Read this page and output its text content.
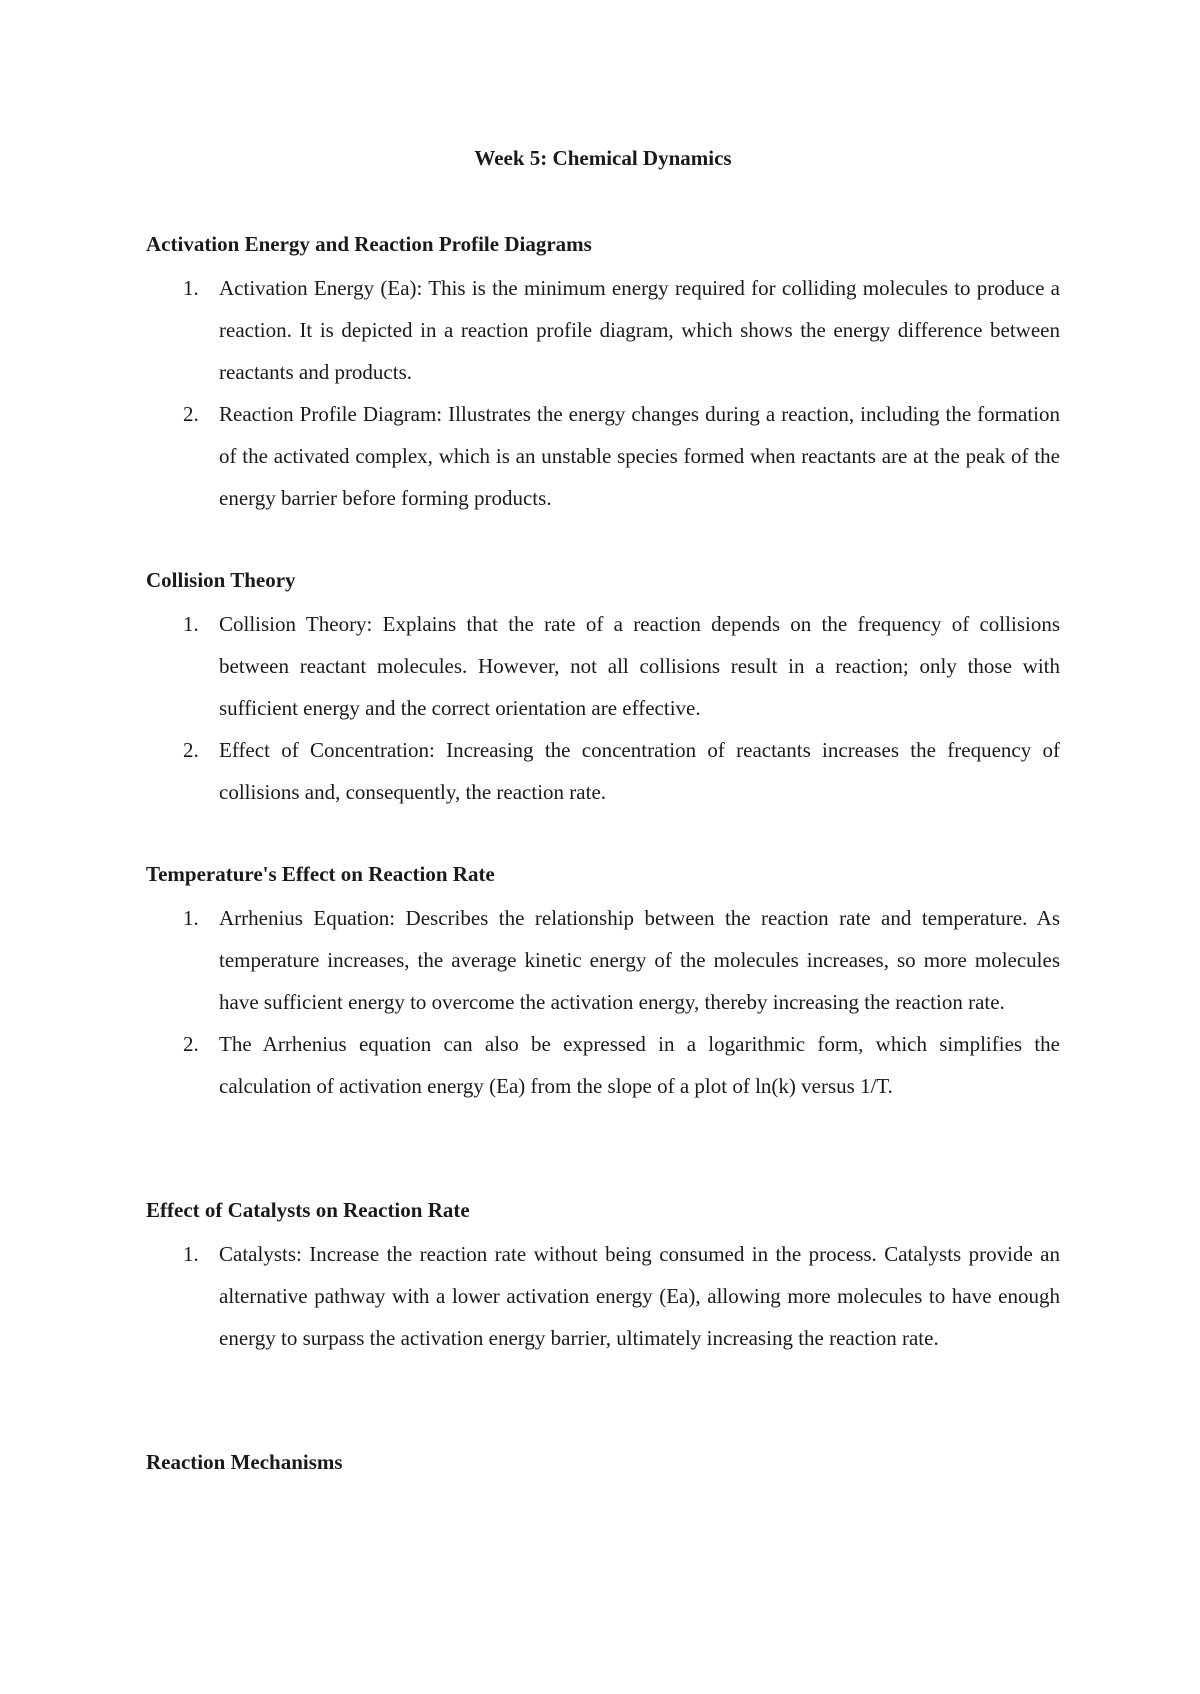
Week 5: Chemical Dynamics
Activation Energy and Reaction Profile Diagrams
1. Activation Energy (Ea): This is the minimum energy required for colliding molecules to produce a reaction. It is depicted in a reaction profile diagram, which shows the energy difference between reactants and products.
2. Reaction Profile Diagram: Illustrates the energy changes during a reaction, including the formation of the activated complex, which is an unstable species formed when reactants are at the peak of the energy barrier before forming products.
Collision Theory
1. Collision Theory: Explains that the rate of a reaction depends on the frequency of collisions between reactant molecules. However, not all collisions result in a reaction; only those with sufficient energy and the correct orientation are effective.
2. Effect of Concentration: Increasing the concentration of reactants increases the frequency of collisions and, consequently, the reaction rate.
Temperature's Effect on Reaction Rate
1. Arrhenius Equation: Describes the relationship between the reaction rate and temperature. As temperature increases, the average kinetic energy of the molecules increases, so more molecules have sufficient energy to overcome the activation energy, thereby increasing the reaction rate.
2. The Arrhenius equation can also be expressed in a logarithmic form, which simplifies the calculation of activation energy (Ea) from the slope of a plot of ln(k) versus 1/T.
Effect of Catalysts on Reaction Rate
1. Catalysts: Increase the reaction rate without being consumed in the process. Catalysts provide an alternative pathway with a lower activation energy (Ea), allowing more molecules to have enough energy to surpass the activation energy barrier, ultimately increasing the reaction rate.
Reaction Mechanisms
